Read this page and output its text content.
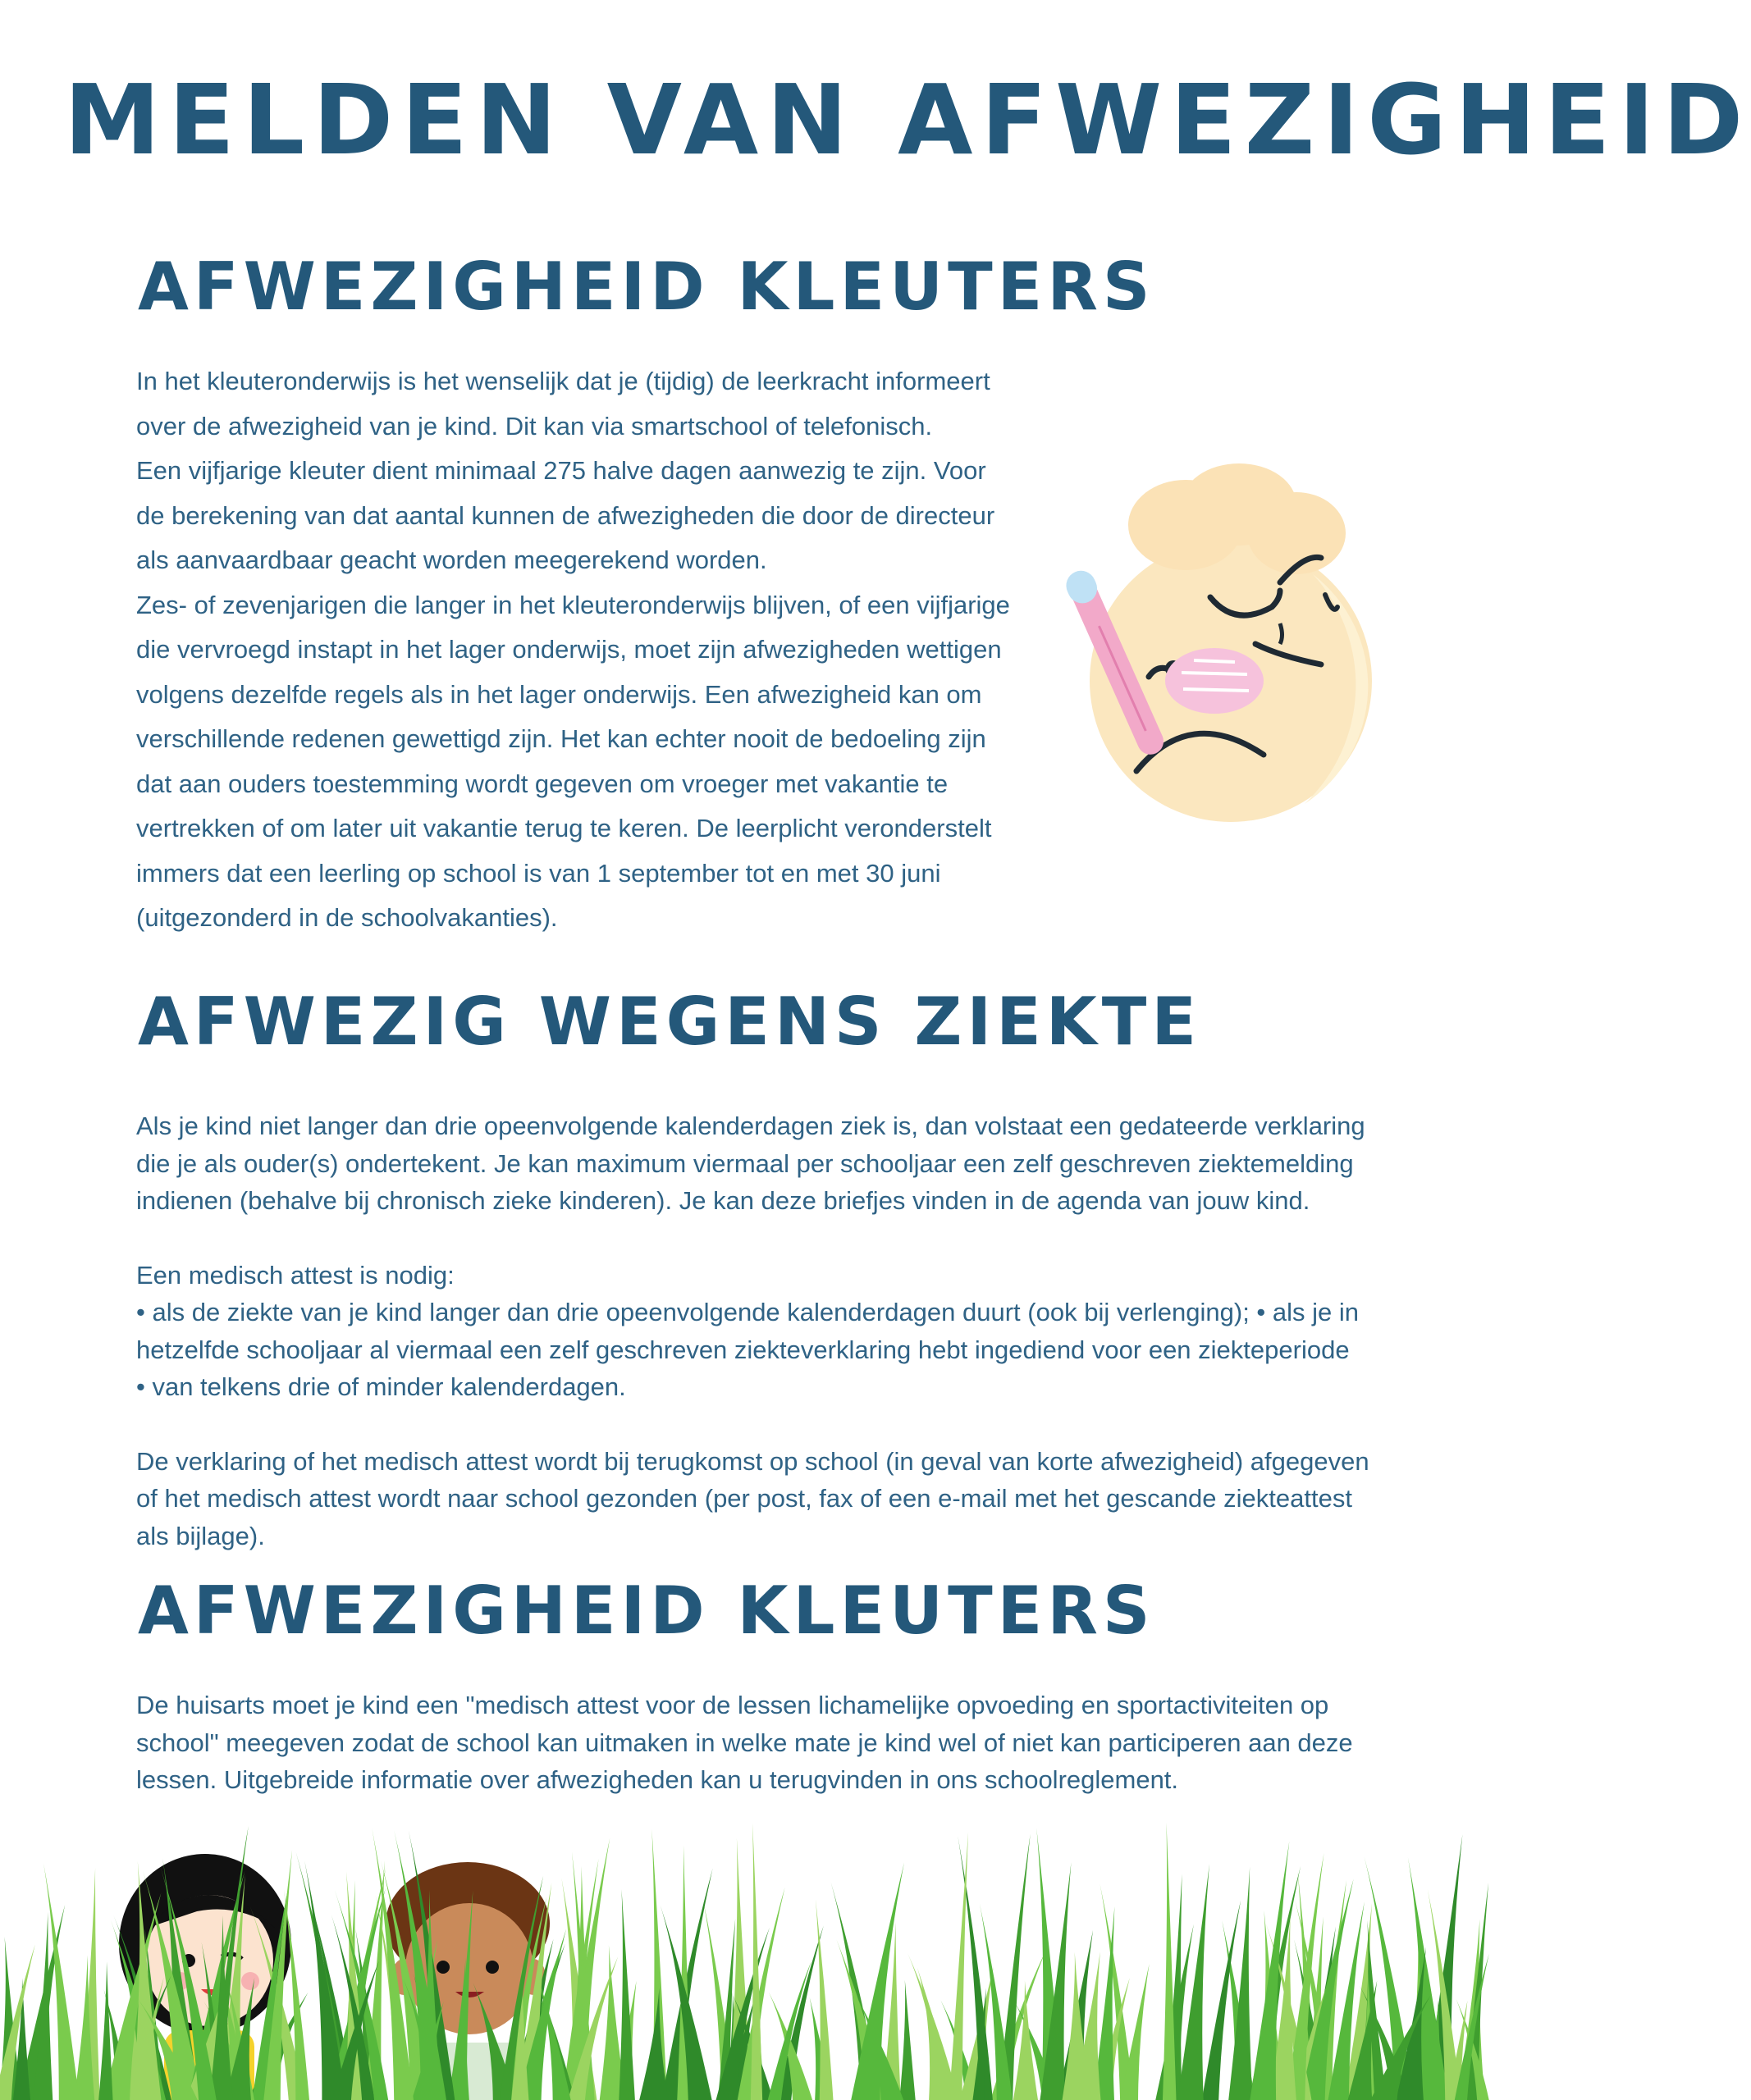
MELDEN VAN AFWEZIGHEID
AFWEZIGHEID KLEUTERS

In het kleuteronderwijs is het wenselijk dat je (tijdig) de leerkracht informeert over de afwezigheid van je kind. Dit kan via smartschool of telefonisch.

Een vijfjarige kleuter dient minimaal 275 halve dagen aanwezig te zijn. Voor de berekening van dat aantal kunnen de afwezigheden die door de directeur als aanvaardbaar geacht worden meegerekend worden.

Zes- of zevenjarigen die langer in het kleuteronderwijs blijven, of een vijfjarige die vervroegd instapt in het lager onderwijs, moet zijn afwezigheden wettigen volgens dezelfde regels als in het lager onderwijs. Een afwezigheid kan om verschillende redenen gewettigd zijn. Het kan echter nooit de bedoeling zijn dat aan ouders toestemming wordt gegeven om vroeger met vakantie te vertrekken of om later uit vakantie terug te keren. De leerplicht veronderstelt immers dat een leerling op school is van 1 september tot en met 30 juni (uitgezonderd in de schoolvakanties).

AFWEZIG WEGENS ZIEKTE

Als je kind niet langer dan drie opeenvolgende kalenderdagen ziek is, dan volstaat een gedateerde verklaring die je als ouder(s) ondertekent. Je kan maximum viermaal per schooljaar een zelf geschreven ziektemelding indienen (behalve bij chronisch zieke kinderen). Je kan deze briefjes vinden in de agenda van jouw kind.

Een medisch attest is nodig:

• als de ziekte van je kind langer dan drie opeenvolgende kalenderdagen duurt (ook bij verlenging); • als je in hetzelfde schooljaar al viermaal een zelf geschreven ziekteverklaring hebt ingediend voor een ziekteperiode

• van telkens drie of minder kalenderdagen.

De verklaring of het medisch attest wordt bij terugkomst op school (in geval van korte afwezigheid) afgegeven of het medisch attest wordt naar school gezonden (per post, fax of een e-mail met het gescande ziekteattest als bijlage).

AFWEZIGHEID KLEUTERS

De huisarts moet je kind een "medisch attest voor de lessen lichamelijke opvoeding en sportactiviteiten op school" meegeven zodat de school kan uitmaken in welke mate je kind wel of niet kan participeren aan deze lessen. Uitgebreide informatie over afwezigheden kan u terugvinden in ons schoolreglement.
